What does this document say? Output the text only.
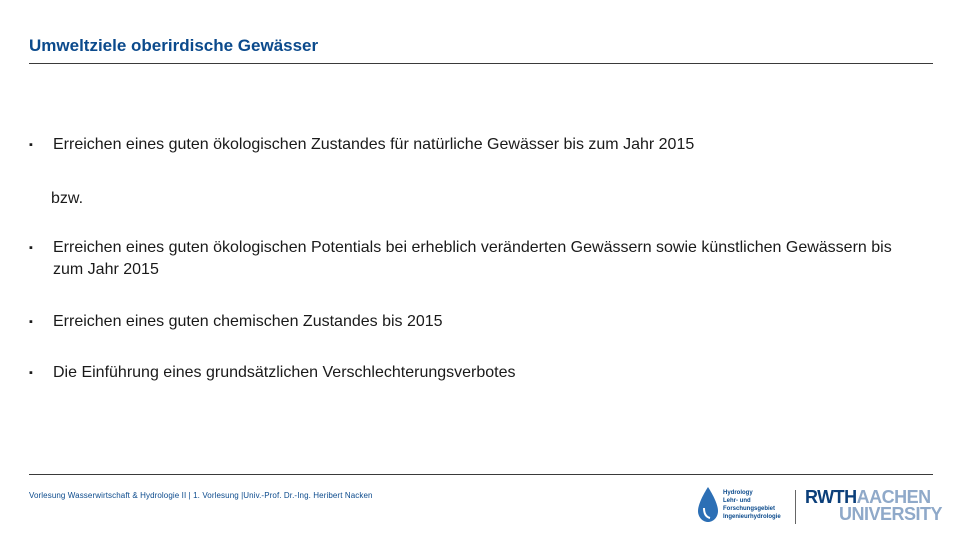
Umweltziele oberirdische Gewässer
▪	Erreichen eines guten ökologischen Zustandes für natürliche Gewässer bis zum Jahr 2015
bzw.
▪	Erreichen eines guten ökologischen Potentials bei erheblich veränderten Gewässern sowie künstlichen Gewässern bis zum Jahr 2015
▪	Erreichen eines guten chemischen Zustandes bis 2015
▪	Die Einführung eines grundsätzlichen Verschlechterungsverbotes
Vorlesung Wasserwirtschaft & Hydrologie II | 1. Vorlesung |Univ.-Prof. Dr.-Ing. Heribert Nacken	Hydrology
Lehr- und
Forschungsgebiet
Ingenieurhydrologie
RWTHAACHEN
UNIVERSITY
